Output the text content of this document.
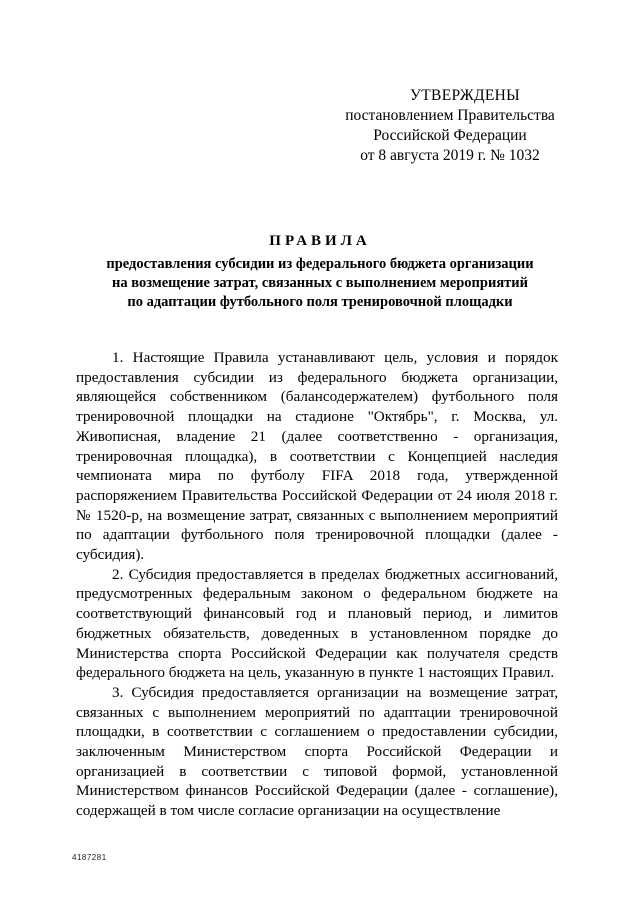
УТВЕРЖДЕНЫ
постановлением Правительства
Российской Федерации
от 8 августа 2019 г. № 1032
ПРАВИЛА
предоставления субсидии из федерального бюджета организации
на возмещение затрат, связанных с выполнением мероприятий
по адаптации футбольного поля тренировочной площадки

1. Настоящие Правила устанавливают цель, условия и порядок предоставления субсидии из федерального бюджета организации, являющейся собственником (балансодержателем) футбольного поля тренировочной площадки на стадионе "Октябрь", г. Москва, ул. Живописная, владение 21 (далее соответственно - организация, тренировочная площадка), в соответствии с Концепцией наследия чемпионата мира по футболу FIFA 2018 года, утвержденной распоряжением Правительства Российской Федерации от 24 июля 2018 г. № 1520-р, на возмещение затрат, связанных с выполнением мероприятий по адаптации футбольного поля тренировочной площадки (далее - субсидия).

2. Субсидия предоставляется в пределах бюджетных ассигнований, предусмотренных федеральным законом о федеральном бюджете на соответствующий финансовый год и плановый период, и лимитов бюджетных обязательств, доведенных в установленном порядке до Министерства спорта Российской Федерации как получателя средств федерального бюджета на цель, указанную в пункте 1 настоящих Правил.

3. Субсидия предоставляется организации на возмещение затрат, связанных с выполнением мероприятий по адаптации тренировочной площадки, в соответствии с соглашением о предоставлении субсидии, заключенным Министерством спорта Российской Федерации и организацией в соответствии с типовой формой, установленной Министерством финансов Российской Федерации (далее - соглашение), содержащей в том числе согласие организации на осуществление

4187281
